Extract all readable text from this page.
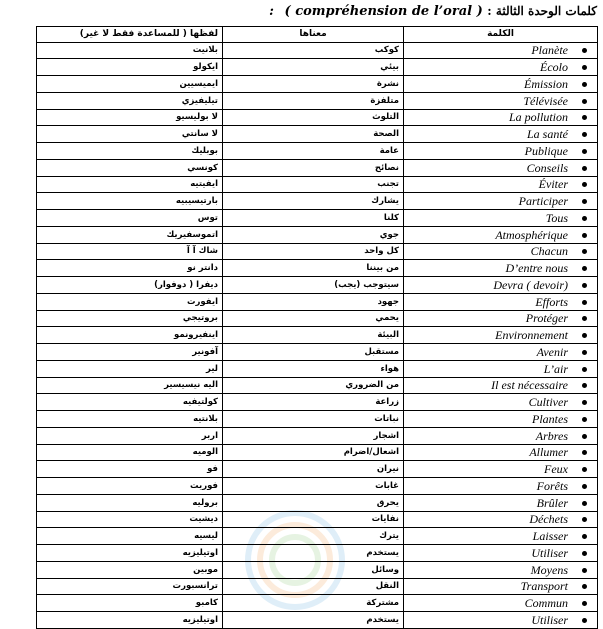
كلمات الوحدة الثالثة : ( compréhension de l’oral ) :
لفظها ( للمساعدة فقط لا غير)	معناها	الكلمة
بلانيت	كوكب	Planète
ايكولو	بيئي	Écolo
ايميسيين	نشرة	Émission
تيليفيزي	متلفزة	Télévisée
لا بوليسيو	التلوث	La pollution
لا سانتي	الصحة	La santé
بوبليك	عامة	Publique
كونسي	نصائح	Conseils
ايفيتيه	تجنب	Éviter
بارتيسيبيه	يشارك	Participer
توس	كلنا	Tous
اتموسفيريك	جوي	Atmosphérique
شاك آ آ	كل واحد	Chacun
دانتر نو	من بيننا	D’entre nous
ديفرا ( دوفوار)	سيتوجب (يجب)	Devra ( devoir)
ايفورت	جهود	Efforts
بروتيجي	يحمي	Protéger
اينفيرونمو	البيئة	Environnement
آفونير	مستقبل	Avenir
لير	هواء	L’air
اليه نيسيسير	من الضروري	Il est nécessaire
كولتيفيه	زراعة	Cultiver
بلانتيه	نباتات	Plantes
اربر	اشجار	Arbres
الوميه	اشعال/اضرام	Allumer
فو	نيران	Feux
فوريت	غابات	Forêts
بروليه	يحرق	Brûler
ديشيت	نفايات	Déchets
ليسيه	يترك	Laisser
اوتيليزيه	يستخدم	Utiliser
موبين	وسائل	Moyens
ترانسبورت	النقل	Transport
كامبو	مشتركة	Commun
اوتيليزيه	يستخدم	Utiliser
